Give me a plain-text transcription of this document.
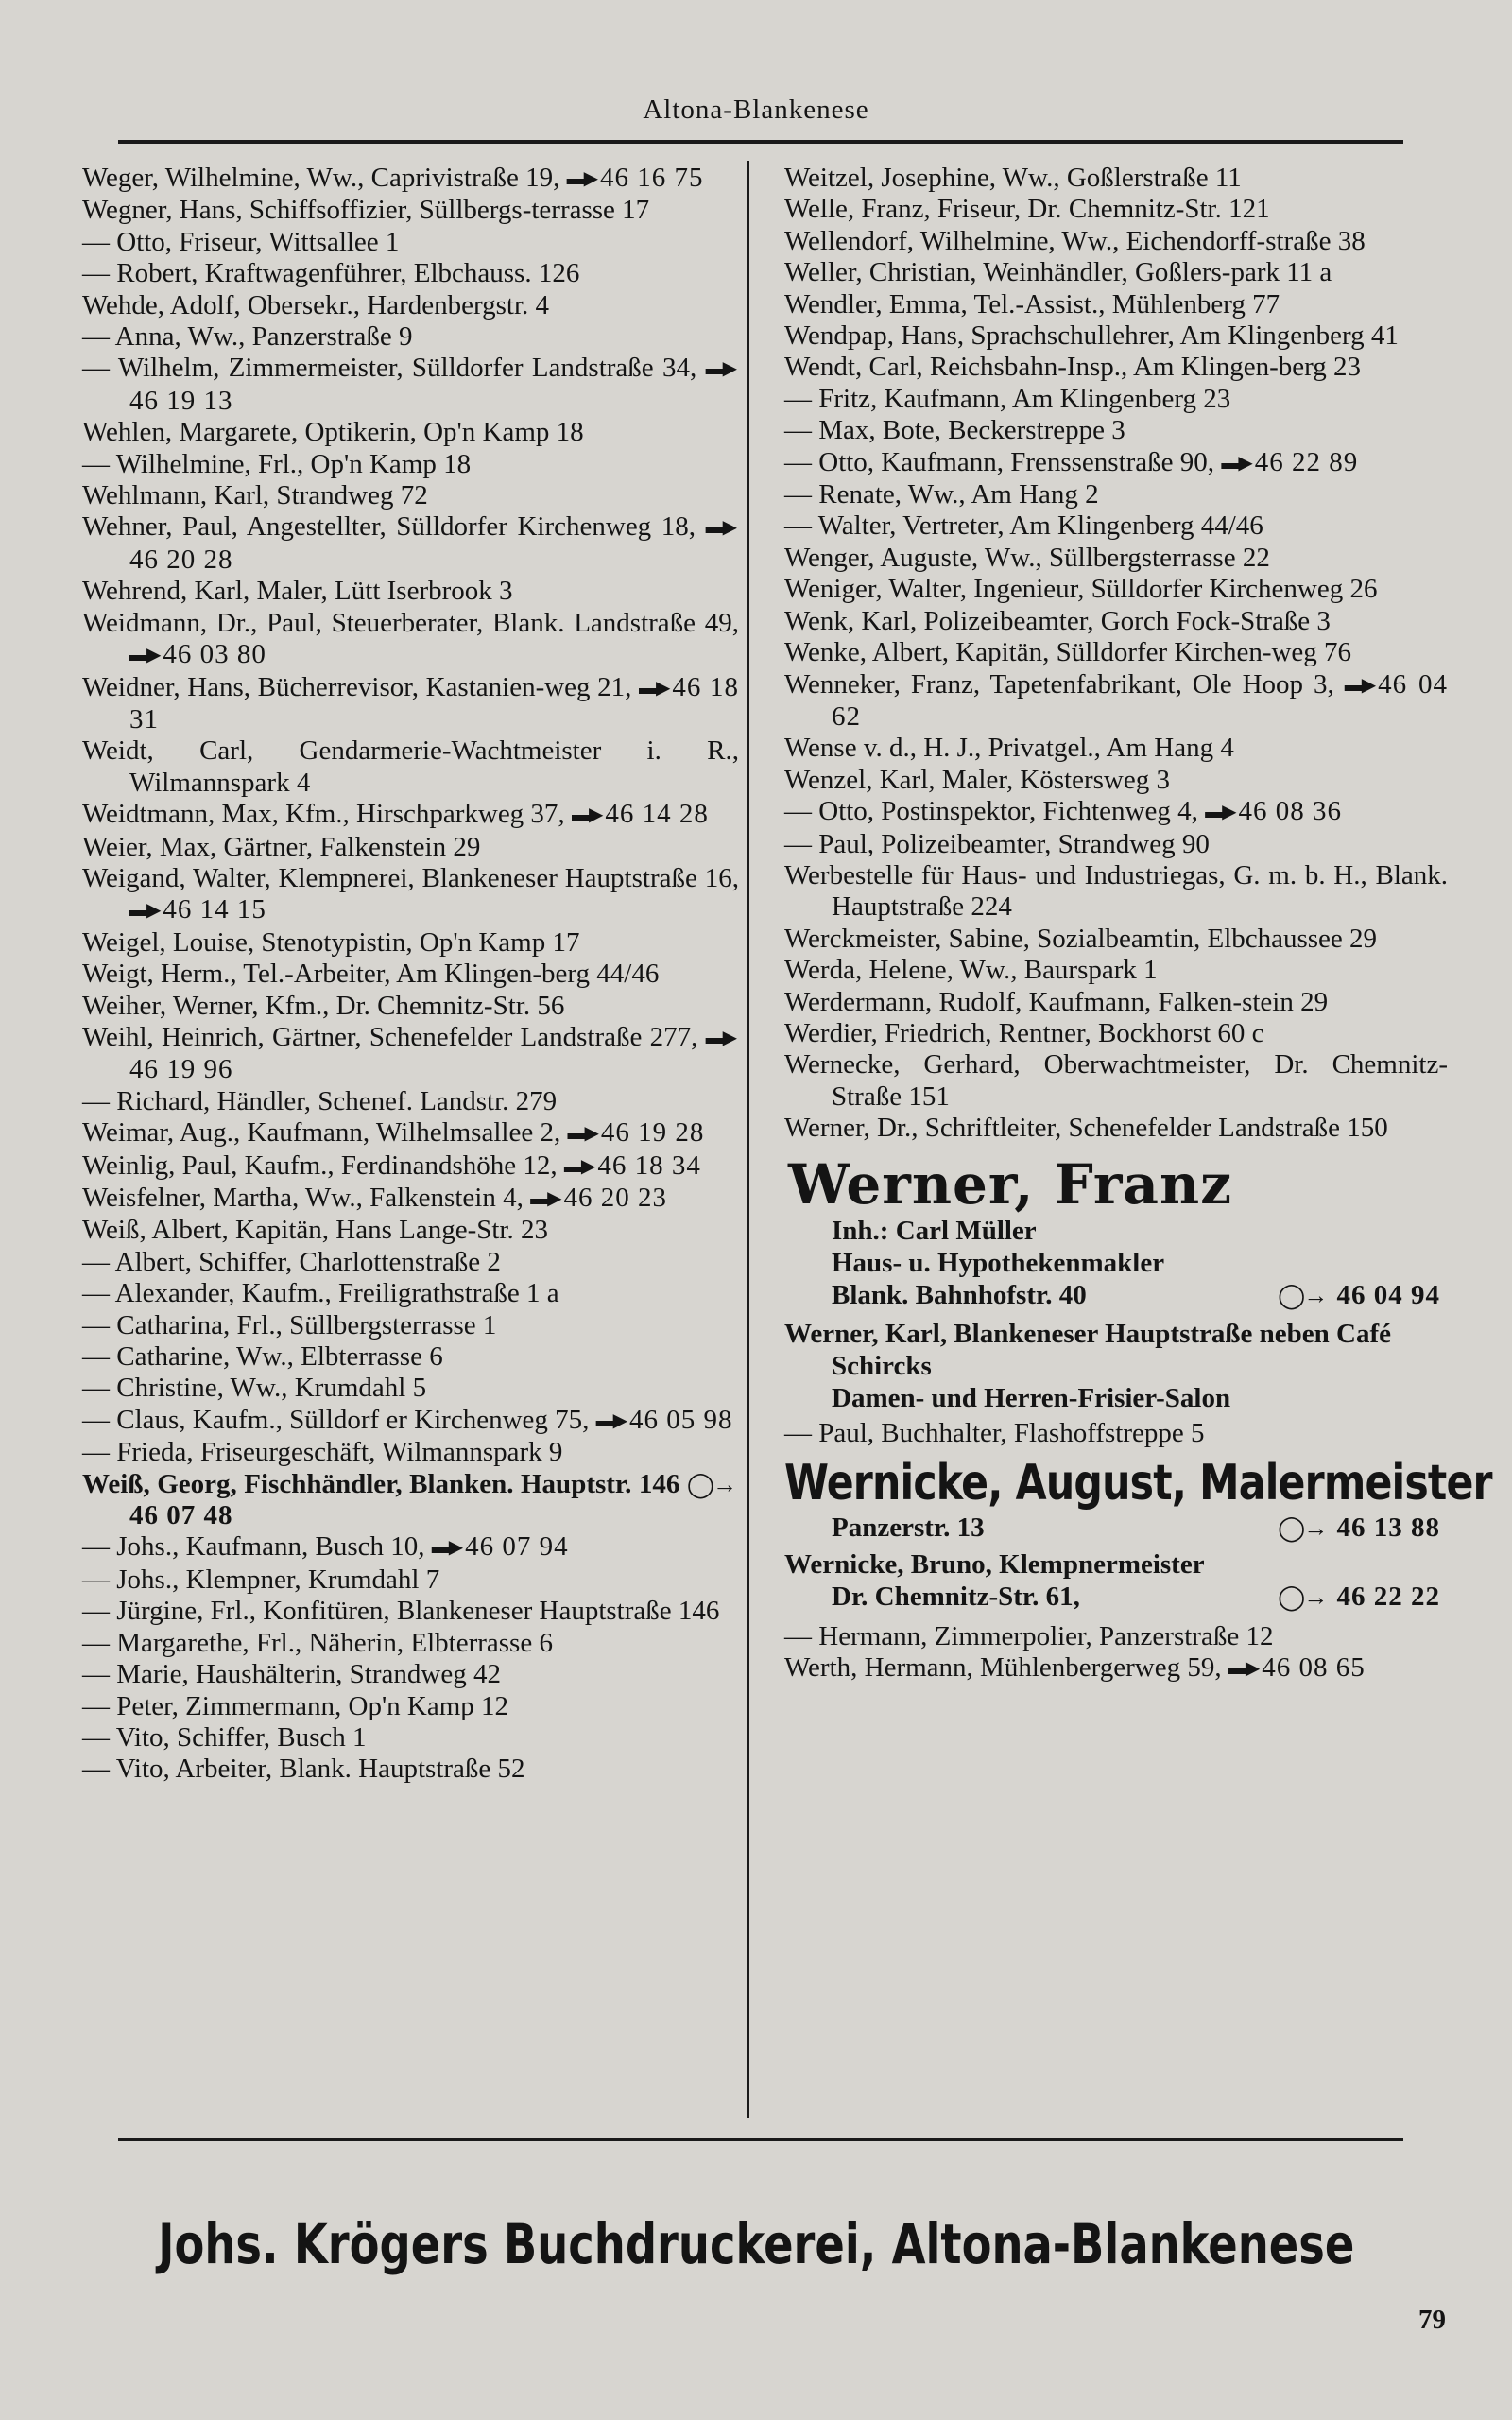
Altona-Blankenese

Weger, Wilhelmine, Ww., Caprivistraße 19, ▬▶ 46 16 75

Wegner, Hans, Schiffsoffizier, Süllbergs-terrasse 17

— Otto, Friseur, Wittsallee 1

— Robert, Kraftwagenführer, Elbchauss. 126

Wehde, Adolf, Obersekr., Hardenbergstr. 4

— Anna, Ww., Panzerstraße 9

— Wilhelm, Zimmermeister, Sülldorfer Landstraße 34, ▬▶46 19 13

Wehlen, Margarete, Optikerin, Op'n Kamp 18

— Wilhelmine, Frl., Op'n Kamp 18

Wehlmann, Karl, Strandweg 72

Wehner, Paul, Angestellter, Sülldorfer Kirchenweg 18, ▬▶46 20 28

Wehrend, Karl, Maler, Lütt Iserbrook 3

Weidmann, Dr., Paul, Steuerberater, Blank. Landstraße 49, ▬▶ 46 03 80

Weidner, Hans, Bücherrevisor, Kastanien-weg 21, ▬▶ 46 18 31

Weidt, Carl, Gendarmerie-Wachtmeister i. R., Wilmannspark 4

Weidtmann, Max, Kfm., Hirschparkweg 37, ▬▶ 46 14 28

Weier, Max, Gärtner, Falkenstein 29

Weigand, Walter, Klempnerei, Blankeneser Hauptstraße 16, ▬▶ 46 14 15

Weigel, Louise, Stenotypistin, Op'n Kamp 17

Weigt, Herm., Tel.-Arbeiter, Am Klingen-berg 44/46

Weiher, Werner, Kfm., Dr. Chemnitz-Str. 56

Weihl, Heinrich, Gärtner, Schenefelder Landstraße 277, ▬▶46 19 96

— Richard, Händler, Schenef. Landstr. 279

Weimar, Aug., Kaufmann, Wilhelmsallee 2, ▬▶ 46 19 28

Weinlig, Paul, Kaufm., Ferdinandshöhe 12, ▬▶ 46 18 34

Weisfelner, Martha, Ww., Falkenstein 4, ▬▶ 46 20 23

Weiß, Albert, Kapitän, Hans Lange-Str. 23

— Albert, Schiffer, Charlottenstraße 2

— Alexander, Kaufm., Freiligrathstraße 1 a

— Catharina, Frl., Süllbergsterrasse 1

— Catharine, Ww., Elbterrasse 6

— Christine, Ww., Krumdahl 5

— Claus, Kaufm., Sülldorf er Kirchenweg 75, ▬▶ 46 05 98

— Frieda, Friseurgeschäft, Wilmannspark 9

Weiß, Georg, Fischhändler, Blanken. Hauptstr. 146 ◯→46 07 48

— Johs., Kaufmann, Busch 10, ▬▶ 46 07 94

— Johs., Klempner, Krumdahl 7

— Jürgine, Frl., Konfitüren, Blankeneser Hauptstraße 146

— Margarethe, Frl., Näherin, Elbterrasse 6

— Marie, Haushälterin, Strandweg 42

— Peter, Zimmermann, Op'n Kamp 12

— Vito, Schiffer, Busch 1

— Vito, Arbeiter, Blank. Hauptstraße 52

Weitzel, Josephine, Ww., Goßlerstraße 11

Welle, Franz, Friseur, Dr. Chemnitz-Str. 121

Wellendorf, Wilhelmine, Ww., Eichendorff-straße 38

Weller, Christian, Weinhändler, Goßlers-park 11 a

Wendler, Emma, Tel.-Assist., Mühlenberg 77

Wendpap, Hans, Sprachschullehrer, Am Klingenberg 41

Wendt, Carl, Reichsbahn-Insp., Am Klingen-berg 23

— Fritz, Kaufmann, Am Klingenberg 23

— Max, Bote, Beckerstreppe 3

— Otto, Kaufmann, Frenssenstraße 90, ▬▶ 46 22 89

— Renate, Ww., Am Hang 2

— Walter, Vertreter, Am Klingenberg 44/46

Wenger, Auguste, Ww., Süllbergsterrasse 22

Weniger, Walter, Ingenieur, Sülldorfer Kirchenweg 26

Wenk, Karl, Polizeibeamter, Gorch Fock-Straße 3

Wenke, Albert, Kapitän, Sülldorfer Kirchen-weg 76

Wenneker, Franz, Tapetenfabrikant, Ole Hoop 3, ▬▶ 46 04 62

Wense v. d., H. J., Privatgel., Am Hang 4

Wenzel, Karl, Maler, Köstersweg 3

— Otto, Postinspektor, Fichtenweg 4, ▬▶ 46 08 36

— Paul, Polizeibeamter, Strandweg 90

Werbestelle für Haus- und Industriegas, G. m. b. H., Blank. Hauptstraße 224

Werckmeister, Sabine, Sozialbeamtin, Elbchaussee 29

Werda, Helene, Ww., Baurspark 1

Werdermann, Rudolf, Kaufmann, Falken-stein 29

Werdier, Friedrich, Rentner, Bockhorst 60 c

Wernecke, Gerhard, Oberwachtmeister, Dr. Chemnitz-Straße 151

Werner, Dr., Schriftleiter, Schenefelder Landstraße 150

Werner, Franz
Inh.: Carl Müller
Haus- u. Hypothekenmakler
Blank. Bahnhofstr. 40	◯→ 46 04 94
Werner, Karl, Blankeneser Hauptstraße neben Café Schircks
Damen- und Herren-Frisier-Salon

— Paul, Buchhalter, Flashoffstreppe 5

Wernicke, August, Malermeister
Panzerstr. 13	◯→ 46 13 88
Wernicke, Bruno, Klempnermeister
Dr. Chemnitz-Str. 61,	◯→ 46 22 22

— Hermann, Zimmerpolier, Panzerstraße 12

Werth, Hermann, Mühlenbergerweg 59, ▬▶ 46 08 65

Johs. Krögers Buchdruckerei, Altona-Blankenese
79
